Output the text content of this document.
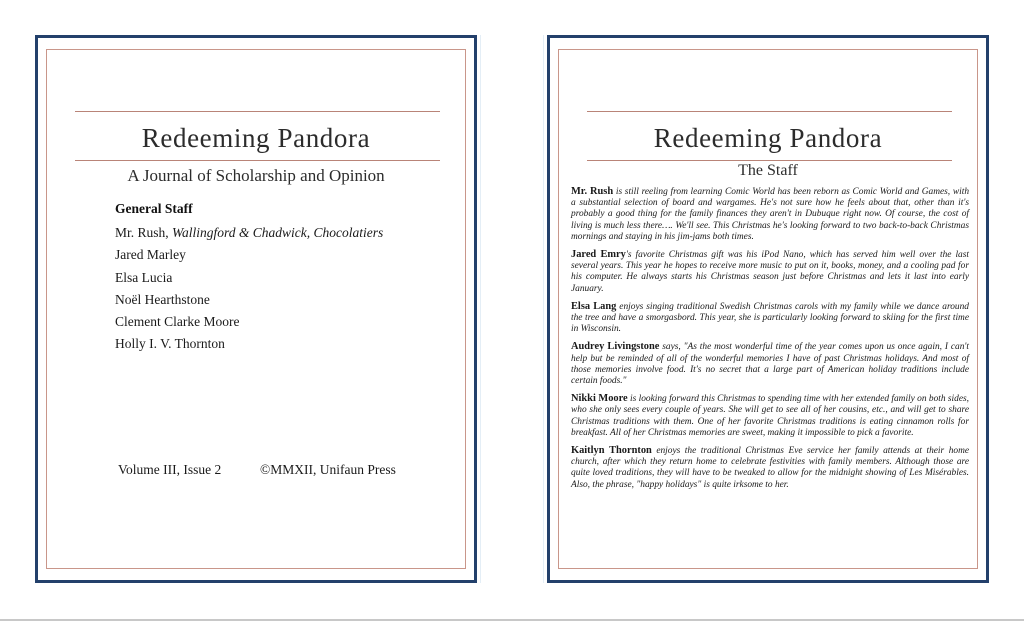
Redeeming Pandora
A Journal of Scholarship and Opinion
General Staff
Mr. Rush, Wallingford & Chadwick, Chocolatiers
Jared Marley
Elsa Lucia
Noël Hearthstone
Clement Clarke Moore
Holly I. V. Thornton
Volume III, Issue 2	©MMXII, Unifaun Press
Redeeming Pandora
The Staff

Mr. Rush is still reeling from learning Comic World has been reborn as Comic World and Games, with a substantial selection of board and wargames. He's not sure how he feels about that, other than it's probably a good thing for the family finances they aren't in Dubuque right now. Of course, the cost of living is much less there…. We'll see. This Christmas he's looking forward to two back-to-back Christmas mornings and staying in his jim-jams both times.

Jared Emry's favorite Christmas gift was his iPod Nano, which has served him well over the last several years. This year he hopes to receive more music to put on it, books, money, and a cooling pad for his computer. He always starts his Christmas season just before Christmas and lets it last into early January.

Elsa Lang enjoys singing traditional Swedish Christmas carols with my family while we dance around the tree and have a smorgasbord. This year, she is particularly looking forward to skiing for the first time in Wisconsin.

Audrey Livingstone says, "As the most wonderful time of the year comes upon us once again, I can't help but be reminded of all of the wonderful memories I have of past Christmas holidays. And most of those memories involve food. It's no secret that a large part of American holiday traditions include certain foods."

Nikki Moore is looking forward this Christmas to spending time with her extended family on both sides, who she only sees every couple of years. She will get to see all of her cousins, etc., and will get to share Christmas traditions with them. One of her favorite Christmas traditions is eating cinnamon rolls for breakfast. All of her Christmas memories are sweet, making it impossible to pick a favorite.

Kaitlyn Thornton enjoys the traditional Christmas Eve service her family attends at their home church, after which they return home to celebrate festivities with family members. Although those are quite loved traditions, they will have to be tweaked to allow for the midnight showing of Les Misérables. Also, the phrase, "happy holidays" is quite irksome to her.
